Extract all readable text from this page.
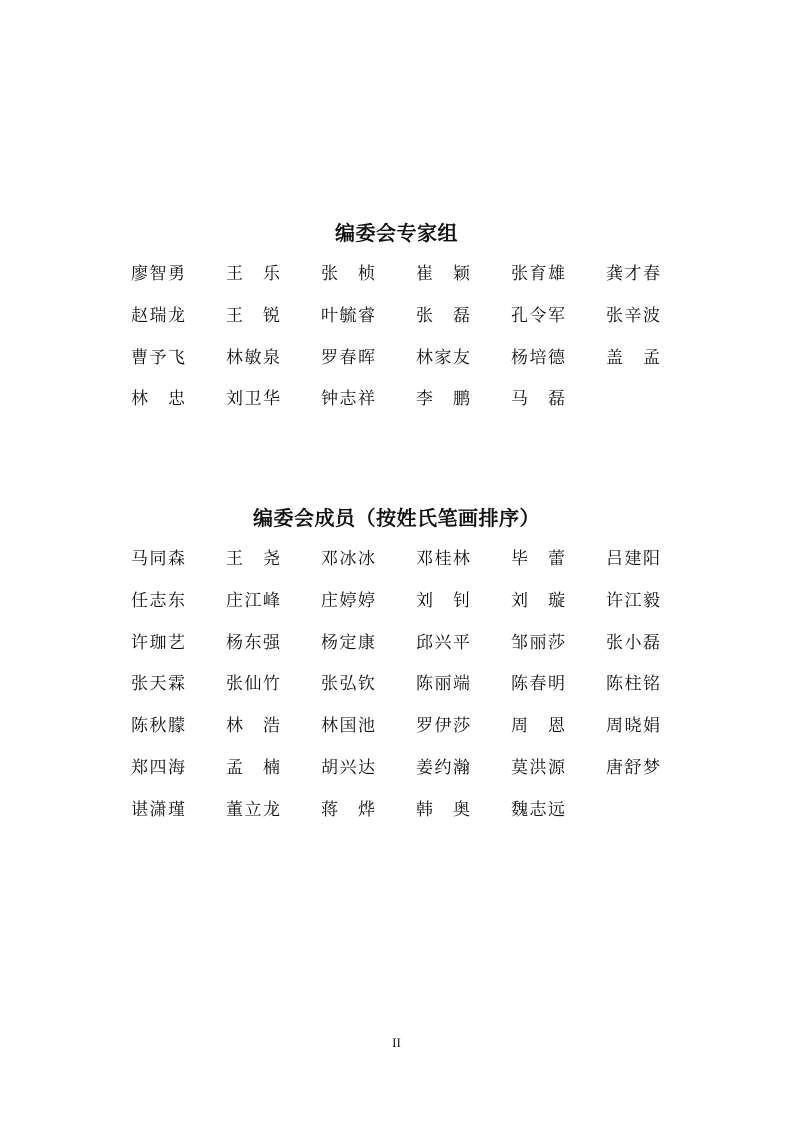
编委会专家组
廖智勇 王 乐 张 桢 崔 颖 张育雄 龚才春
赵瑞龙 王 锐 叶毓睿 张 磊 孔令军 张辛波
曹予飞 林敏泉 罗春晖 林家友 杨培德 盖 孟
林 忠 刘卫华 钟志祥 李 鹏 马 磊
编委会成员（按姓氏笔画排序）
马同森 王 尧 邓冰冰 邓桂林 毕 蕾 吕建阳
任志东 庄江峰 庄婷婷 刘 钊 刘 璇 许江毅
许珈艺 杨东强 杨定康 邱兴平 邹丽莎 张小磊
张天霖 张仙竹 张弘钦 陈丽端 陈春明 陈柱铭
陈秋朦 林 浩 林国池 罗伊莎 周 恩 周晓娟
郑四海 孟 楠 胡兴达 姜约瀚 莫洪源 唐舒梦
谌潇瑾 董立龙 蒋 烨 韩 奥 魏志远
II
